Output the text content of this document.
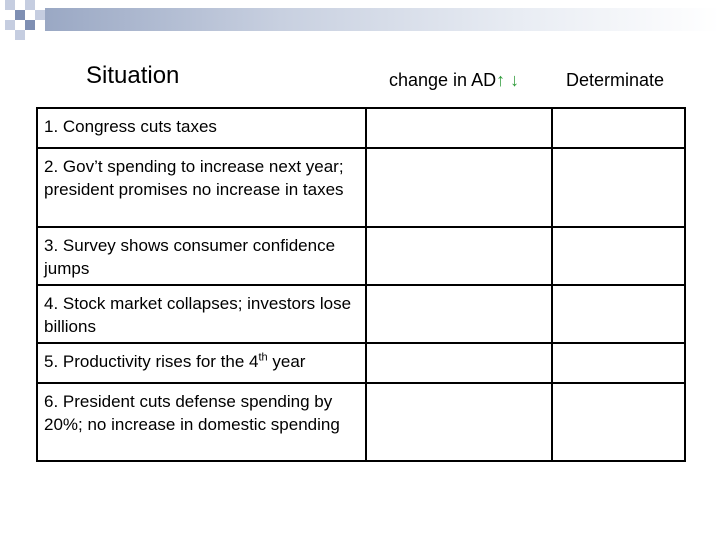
Situation	change in AD↑ ↓	Determinate
1. Congress cuts taxes		
2. Gov’t spending to increase next year; president promises no increase in taxes		
3. Survey shows consumer confidence jumps		
4. Stock market collapses; investors lose billions		
5. Productivity rises for the 4th year		
6. President cuts defense spending by 20%; no increase in domestic spending		
